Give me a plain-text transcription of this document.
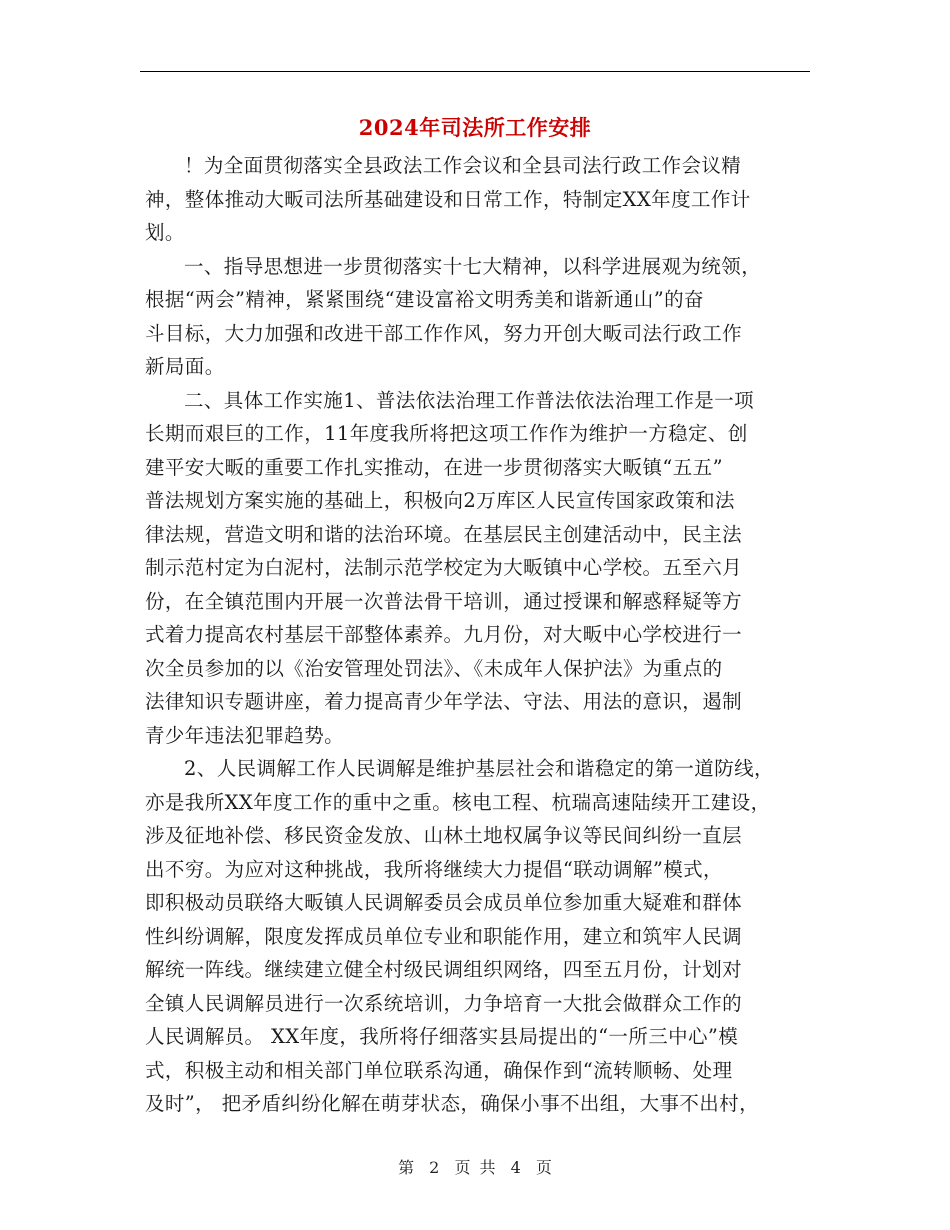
2024年司法所工作安排
！为全面贯彻落实全县政法工作会议和全县司法行政工作会议精
神，整体推动大畈司法所基础建设和日常工作，特制定XX年度工作计
划。
一、指导思想进一步贯彻落实十七大精神，以科学进展观为统领，
根据“两会”精神，紧紧围绕“建设富裕文明秀美和谐新通山”的奋
斗目标，大力加强和改进干部工作作风，努力开创大畈司法行政工作
新局面。
二、具体工作实施1、普法依法治理工作普法依法治理工作是一项
长期而艰巨的工作，11年度我所将把这项工作作为维护一方稳定、创
建平安大畈的重要工作扎实推动，在进一步贯彻落实大畈镇“五五”
普法规划方案实施的基础上，积极向2万库区人民宣传国家政策和法
律法规，营造文明和谐的法治环境。在基层民主创建活动中，民主法
制示范村定为白泥村，法制示范学校定为大畈镇中心学校。五至六月
份，在全镇范围内开展一次普法骨干培训，通过授课和解惑释疑等方
式着力提高农村基层干部整体素养。九月份，对大畈中心学校进行一
次全员参加的以《治安管理处罚法》、《未成年人保护法》为重点的
法律知识专题讲座，着力提高青少年学法、守法、用法的意识，遏制
青少年违法犯罪趋势。
2、人民调解工作人民调解是维护基层社会和谐稳定的第一道防线，
亦是我所XX年度工作的重中之重。核电工程、杭瑞高速陆续开工建设，
涉及征地补偿、移民资金发放、山林土地权属争议等民间纠纷一直层
出不穷。为应对这种挑战，我所将继续大力提倡“联动调解”模式，
即积极动员联络大畈镇人民调解委员会成员单位参加重大疑难和群体
性纠纷调解，限度发挥成员单位专业和职能作用，建立和筑牢人民调
解统一阵线。继续建立健全村级民调组织网络，四至五月份，计划对
全镇人民调解员进行一次系统培训，力争培育一大批会做群众工作的
人民调解员。 XX年度，我所将仔细落实县局提出的“一所三中心”模
式，积极主动和相关部门单位联系沟通，确保作到“流转顺畅、处理
及时”， 把矛盾纠纷化解在萌芽状态，确保小事不出组，大事不出村，
第 2 页 共 4 页
